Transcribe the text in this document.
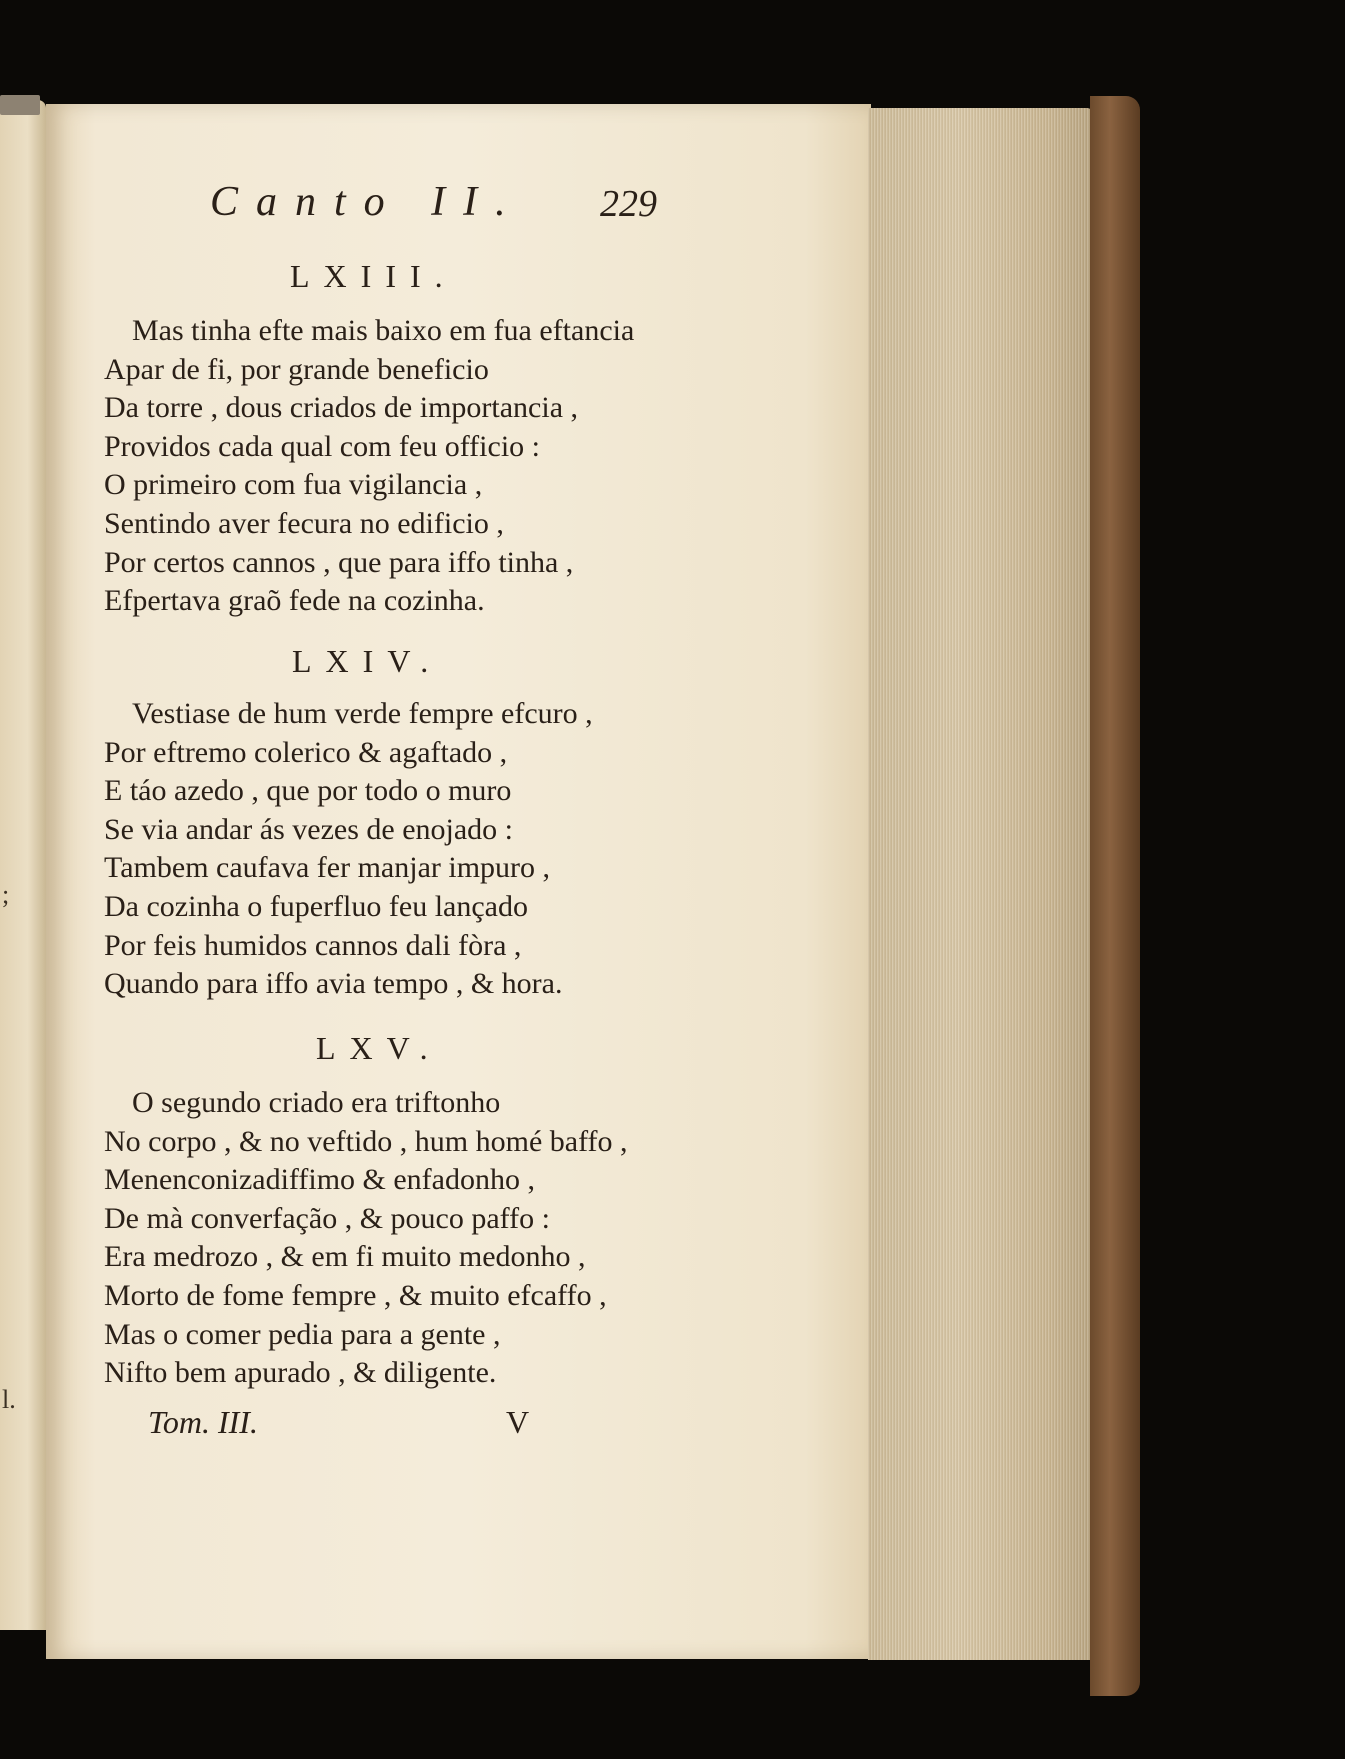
;
l.
Canto II. 229
LXIII.
Mas tinha efte mais baixo em fua eftancia
Apar de fi, por grande beneficio
Da torre , dous criados de importancia ,
Providos cada qual com feu officio :
O primeiro com fua vigilancia ,
Sentindo aver fecura no edificio ,
Por certos cannos , que para iffo tinha ,
Efpertava graõ fede na cozinha.
LXIV.
Vestiase de hum verde fempre efcuro ,
Por eftremo colerico & agaftado ,
E táo azedo , que por todo o muro
Se via andar ás vezes de enojado :
Tambem caufava fer manjar impuro ,
Da cozinha o fuperfluo feu lançado
Por feis humidos cannos dali fòra ,
Quando para iffo avia tempo , & hora.
LXV.
O segundo criado era triftonho
No corpo , & no veftido , hum homé baffo ,
Menenconizadiffimo & enfadonho ,
De mà converfação , & pouco paffo :
Era medrozo , & em fi muito medonho ,
Morto de fome fempre , & muito efcaffo ,
Mas o comer pedia para a gente ,
Nifto bem apurado , & diligente.
Tom. III.	V
